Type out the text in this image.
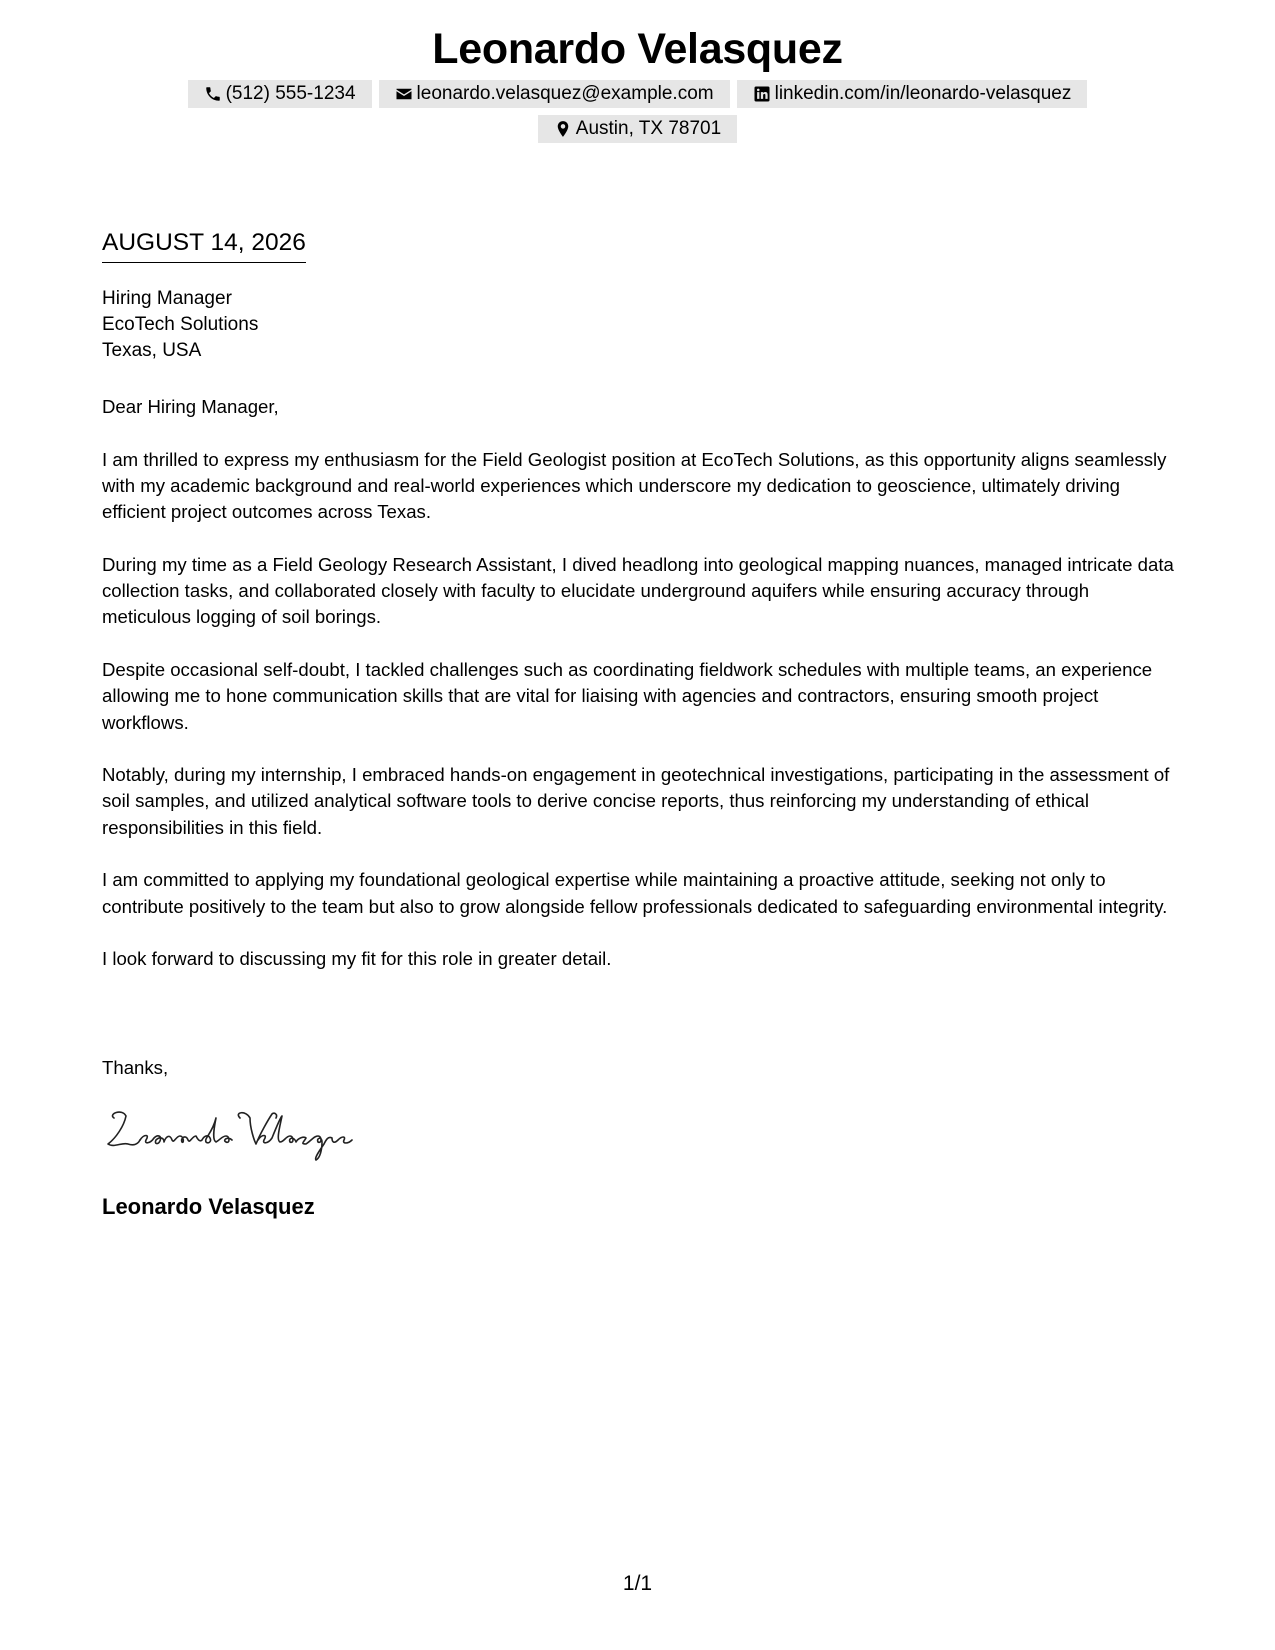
Leonardo Velasquez
(512) 555-1234	leonardo.velasquez@example.com	linkedin.com/in/leonardo-velasquez
Austin, TX 78701
AUGUST 14, 2026
Hiring Manager
EcoTech Solutions
Texas, USA

Dear Hiring Manager,

I am thrilled to express my enthusiasm for the Field Geologist position at EcoTech Solutions, as this opportunity aligns seamlessly with my academic background and real-world experiences which underscore my dedication to geoscience, ultimately driving efficient project outcomes across Texas.

During my time as a Field Geology Research Assistant, I dived headlong into geological mapping nuances, managed intricate data collection tasks, and collaborated closely with faculty to elucidate underground aquifers while ensuring accuracy through meticulous logging of soil borings.

Despite occasional self-doubt, I tackled challenges such as coordinating fieldwork schedules with multiple teams, an experience allowing me to hone communication skills that are vital for liaising with agencies and contractors, ensuring smooth project workflows.

Notably, during my internship, I embraced hands-on engagement in geotechnical investigations, participating in the assessment of soil samples, and utilized analytical software tools to derive concise reports, thus reinforcing my understanding of ethical responsibilities in this field.

I am committed to applying my foundational geological expertise while maintaining a proactive attitude, seeking not only to contribute positively to the team but also to grow alongside fellow professionals dedicated to safeguarding environmental integrity.

I look forward to discussing my fit for this role in greater detail.

Thanks,
Leonardo Velasquez
1/1
